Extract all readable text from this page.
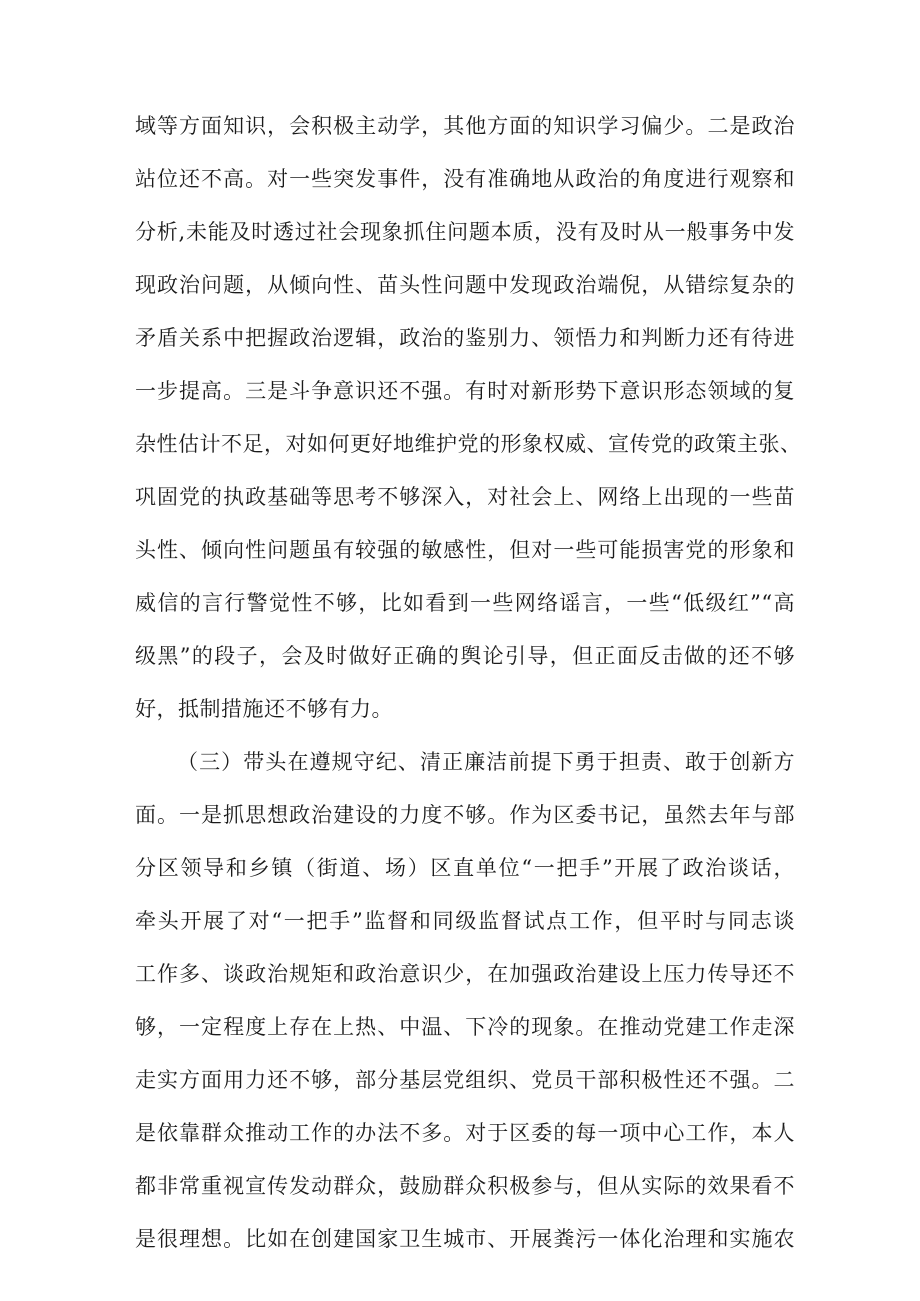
域等方面知识，会积极主动学，其他方面的知识学习偏少。二是政治
站位还不高。对一些突发事件，没有准确地从政治的角度进行观察和
分析,未能及时透过社会现象抓住问题本质，没有及时从一般事务中发
现政治问题，从倾向性、苗头性问题中发现政治端倪，从错综复杂的
矛盾关系中把握政治逻辑，政治的鉴别力、领悟力和判断力还有待进
一步提高。三是斗争意识还不强。有时对新形势下意识形态领域的复
杂性估计不足，对如何更好地维护党的形象权威、宣传党的政策主张、
巩固党的执政基础等思考不够深入，对社会上、网络上出现的一些苗
头性、倾向性问题虽有较强的敏感性，但对一些可能损害党的形象和
威信的言行警觉性不够，比如看到一些网络谣言，一些“低级红”“高
级黑”的段子，会及时做好正确的舆论引导，但正面反击做的还不够
好，抵制措施还不够有力。
（三）带头在遵规守纪、清正廉洁前提下勇于担责、敢于创新方
面。一是抓思想政治建设的力度不够。作为区委书记，虽然去年与部
分区领导和乡镇（街道、场）区直单位“一把手”开展了政治谈话，
牵头开展了对“一把手”监督和同级监督试点工作，但平时与同志谈
工作多、谈政治规矩和政治意识少，在加强政治建设上压力传导还不
够，一定程度上存在上热、中温、下冷的现象。在推动党建工作走深
走实方面用力还不够，部分基层党组织、党员干部积极性还不强。二
是依靠群众推动工作的办法不多。对于区委的每一项中心工作，本人
都非常重视宣传发动群众，鼓励群众积极参与，但从实际的效果看不
是很理想。比如在创建国家卫生城市、开展粪污一体化治理和实施农
